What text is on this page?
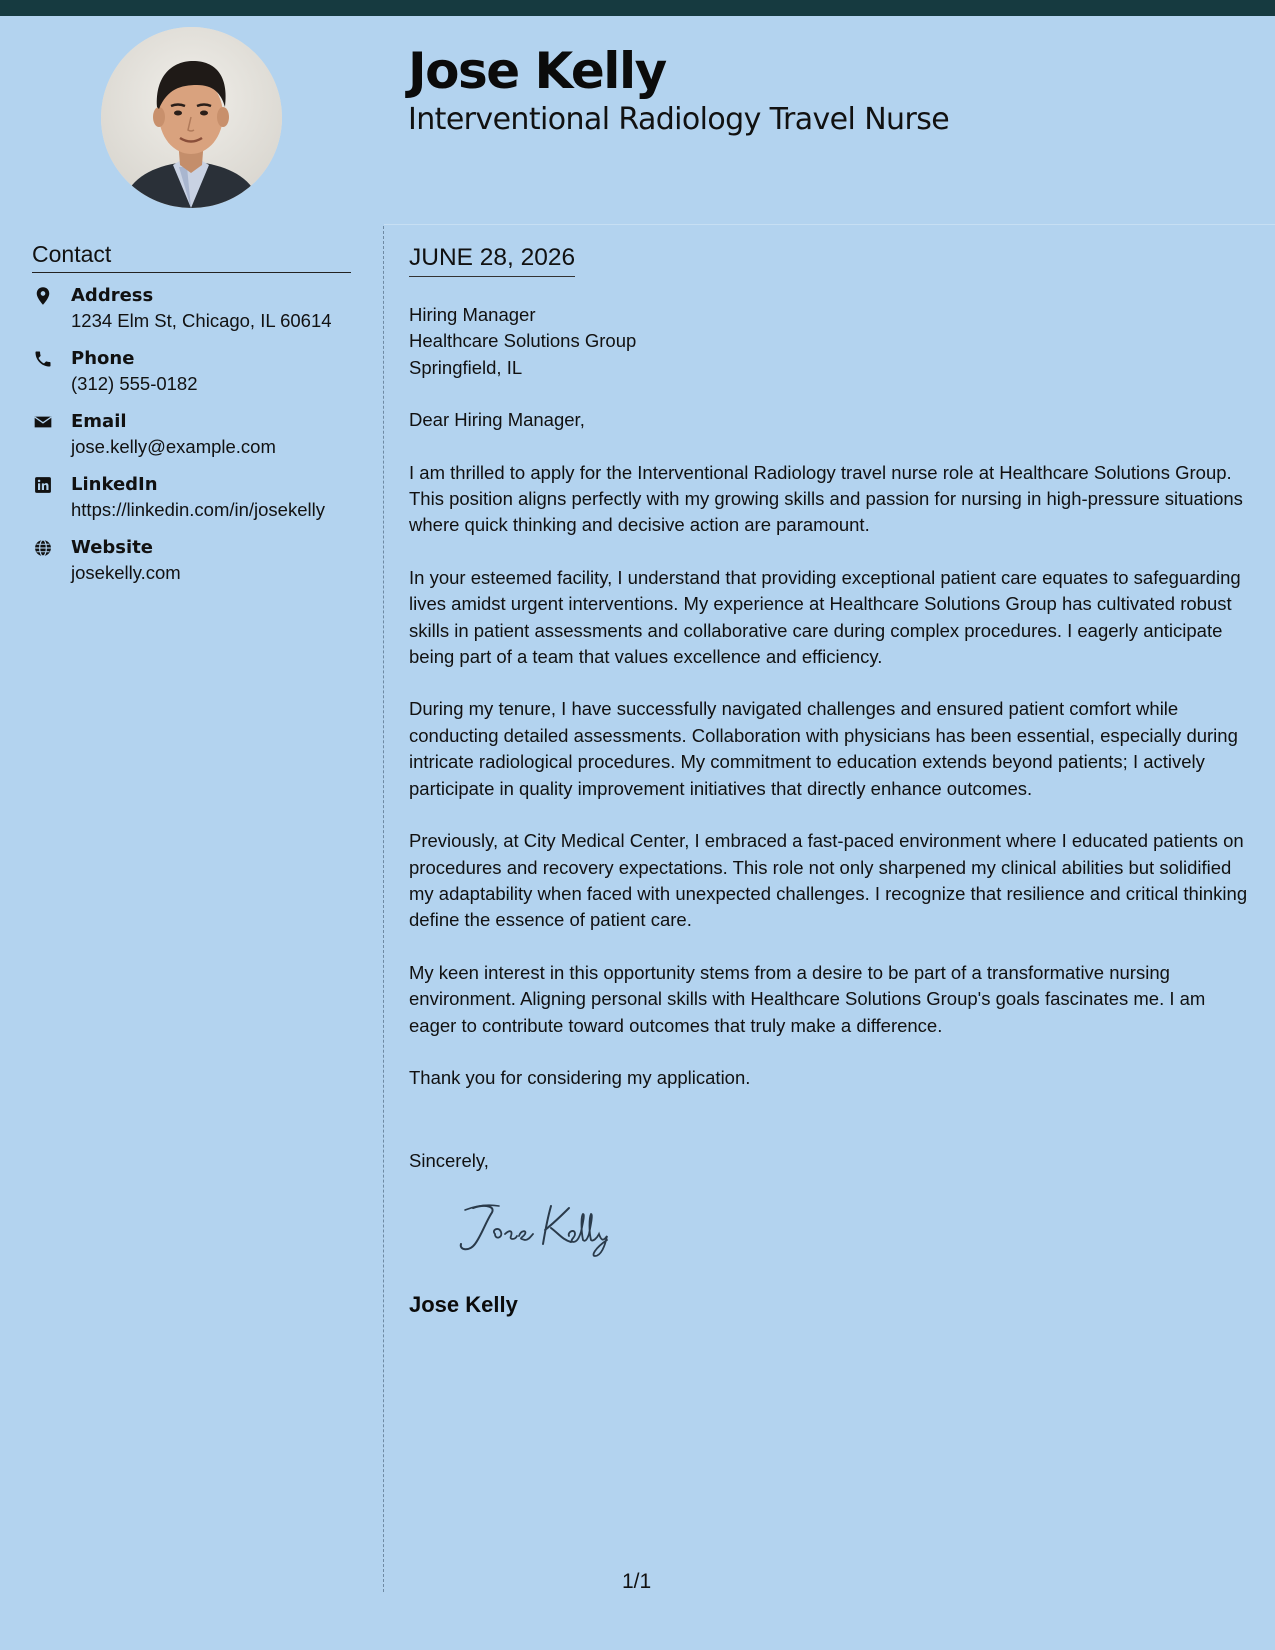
Jose Kelly
Interventional Radiology Travel Nurse
Contact
Address
1234 Elm St, Chicago, IL 60614
Phone
(312) 555-0182
Email
jose.kelly@example.com
LinkedIn
https://linkedin.com/in/josekelly
Website
josekelly.com
JUNE 28, 2026

Hiring Manager

Healthcare Solutions Group

Springfield, IL

Dear Hiring Manager,

I am thrilled to apply for the Interventional Radiology travel nurse role at Healthcare Solutions Group. This position aligns perfectly with my growing skills and passion for nursing in high-pressure situations where quick thinking and decisive action are paramount.

In your esteemed facility, I understand that providing exceptional patient care equates to safeguarding lives amidst urgent interventions. My experience at Healthcare Solutions Group has cultivated robust skills in patient assessments and collaborative care during complex procedures. I eagerly anticipate being part of a team that values excellence and efficiency.

During my tenure, I have successfully navigated challenges and ensured patient comfort while conducting detailed assessments. Collaboration with physicians has been essential, especially during intricate radiological procedures. My commitment to education extends beyond patients; I actively participate in quality improvement initiatives that directly enhance outcomes.

Previously, at City Medical Center, I embraced a fast-paced environment where I educated patients on procedures and recovery expectations. This role not only sharpened my clinical abilities but solidified my adaptability when faced with unexpected challenges. I recognize that resilience and critical thinking define the essence of patient care.

My keen interest in this opportunity stems from a desire to be part of a transformative nursing environment. Aligning personal skills with Healthcare Solutions Group's goals fascinates me. I am eager to contribute toward outcomes that truly make a difference.

Thank you for considering my application.

Sincerely,
Jose Kelly
1/1
